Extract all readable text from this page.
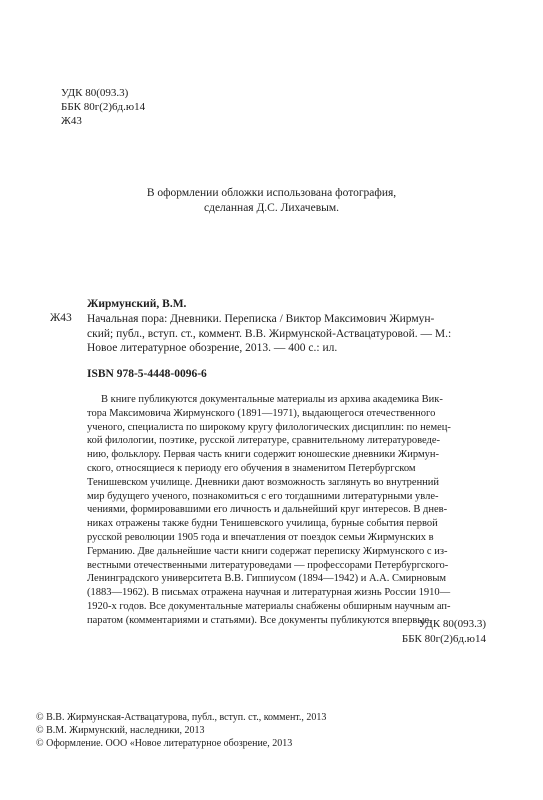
УДК 80(093.3)
ББК 80г(2)6д.ю14
Ж43
В оформлении обложки использована фотография,
сделанная Д.С. Лихачевым.
Жирмунский, В.М.
Ж43 Начальная пора: Дневники. Переписка / Виктор Максимович Жирмун-
ский; публ., вступ. ст., коммент. В.В. Жирмунской-Аствацатуровой. — М.:
Новое литературное обозрение, 2013. — 400 с.: ил.
ISBN 978-5-4448-0096-6
В книге публикуются документальные материалы из архива академика Вик-
тора Максимовича Жирмунского (1891—1971), выдающегося отечественного
ученого, специалиста по широкому кругу филологических дисциплин: по немец-
кой филологии, поэтике, русской литературе, сравнительному литературоведе-
нию, фольклору. Первая часть книги содержит юношеские дневники Жирмун-
ского, относящиеся к периоду его обучения в знаменитом Петербургском
Тенишевском училище. Дневники дают возможность заглянуть во внутренний
мир будущего ученого, познакомиться с его тогдашними литературными увле-
чениями, формировавшими его личность и дальнейший круг интересов. В днев-
никах отражены также будни Тенишевского училища, бурные события первой
русской революции 1905 года и впечатления от поездок семьи Жирмунских в
Германию. Две дальнейшие части книги содержат переписку Жирмунского с из-
вестными отечественными литературоведами — профессорами Петербургского-
Ленинградского университета В.В. Гиппиусом (1894—1942) и А.А. Смирновым
(1883—1962). В письмах отражена научная и литературная жизнь России 1910—
1920-х годов. Все документальные материалы снабжены обширным научным ап-
паратом (комментариями и статьями). Все документы публикуются впервые.
УДК 80(093.3)
ББК 80г(2)6д.ю14
© В.В. Жирмунская-Аствацатурова, публ., вступ. ст., коммент., 2013
© В.М. Жирмунский, наследники, 2013
© Оформление. ООО «Новое литературное обозрение, 2013
